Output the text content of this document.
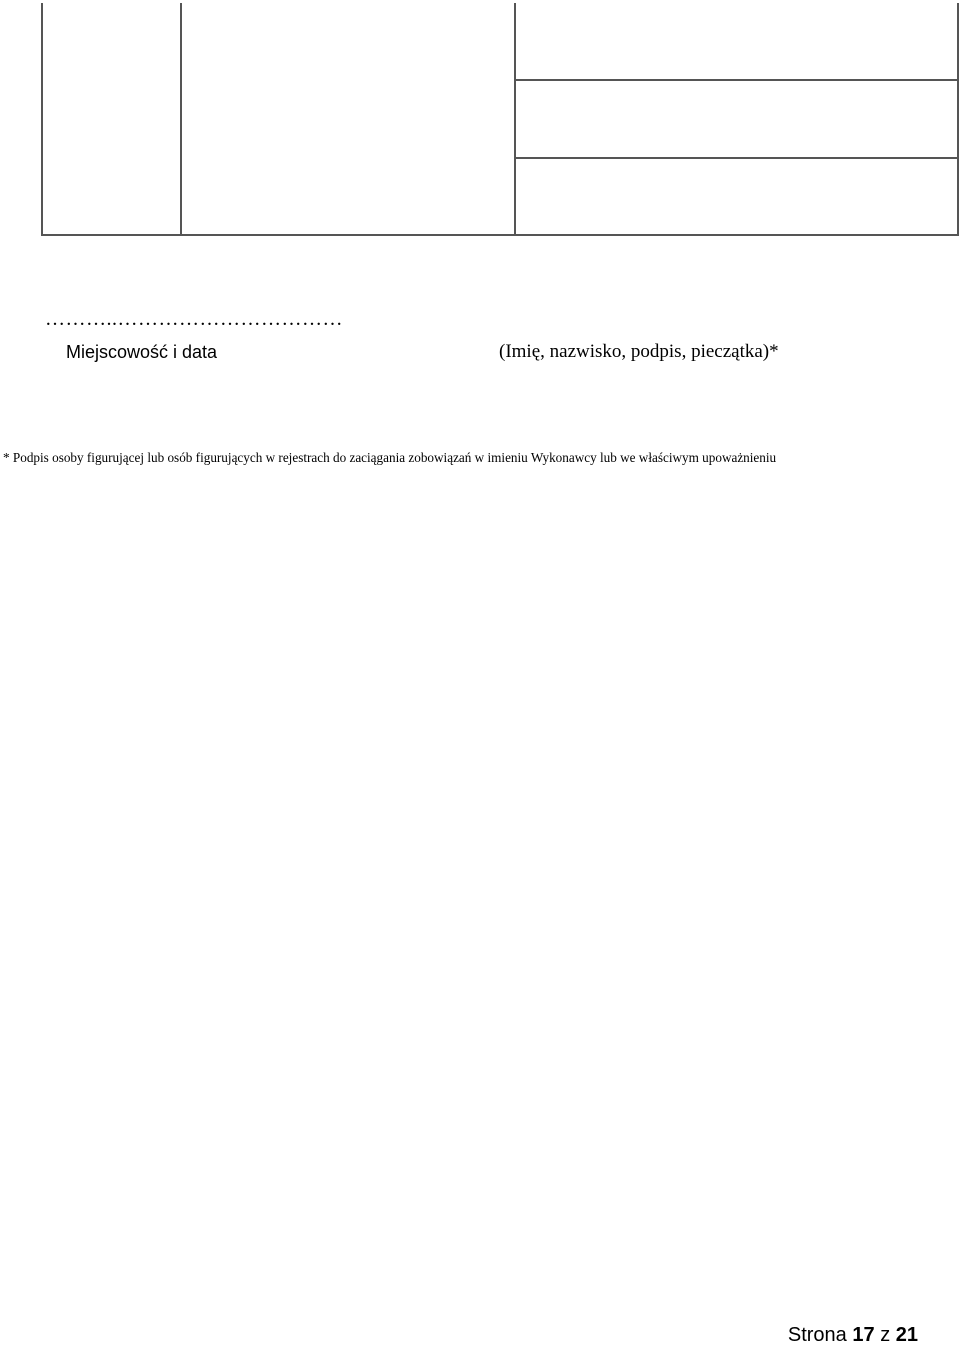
………..……………………………
Miejscowość i data	(Imię, nazwisko, podpis, pieczątka)*
* Podpis osoby figurującej lub osób figurujących w rejestrach do zaciągania zobowiązań w imieniu Wykonawcy lub we właściwym upoważnieniu
Strona 17 z 21
